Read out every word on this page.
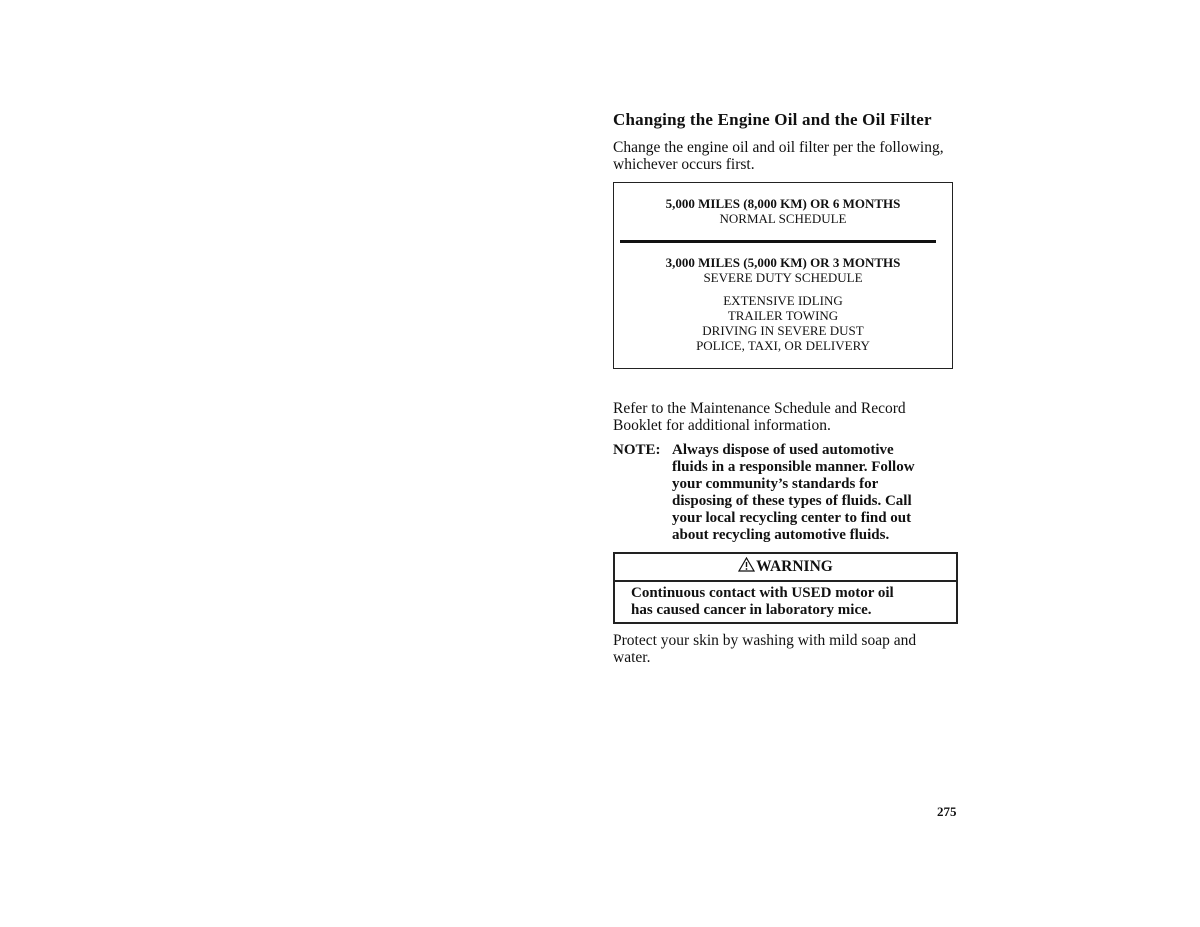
Changing the Engine Oil and the Oil Filter
Change the engine oil and oil filter per the following, whichever occurs first.
5,000 MILES (8,000 KM) OR 6 MONTHS
NORMAL SCHEDULE
3,000 MILES (5,000 KM) OR 3 MONTHS
SEVERE DUTY SCHEDULE
EXTENSIVE IDLING
TRAILER TOWING
DRIVING IN SEVERE DUST
POLICE, TAXI, OR DELIVERY
Refer to the Maintenance Schedule and Record Booklet for additional information.
NOTE: Always dispose of used automotive
fluids in a responsible manner. Follow
your community’s standards for
disposing of these types of fluids. Call
your local recycling center to find out
about recycling automotive fluids.
WARNING
Continuous contact with USED motor oil
has caused cancer in laboratory mice.
Protect your skin by washing with mild soap and water.
275
